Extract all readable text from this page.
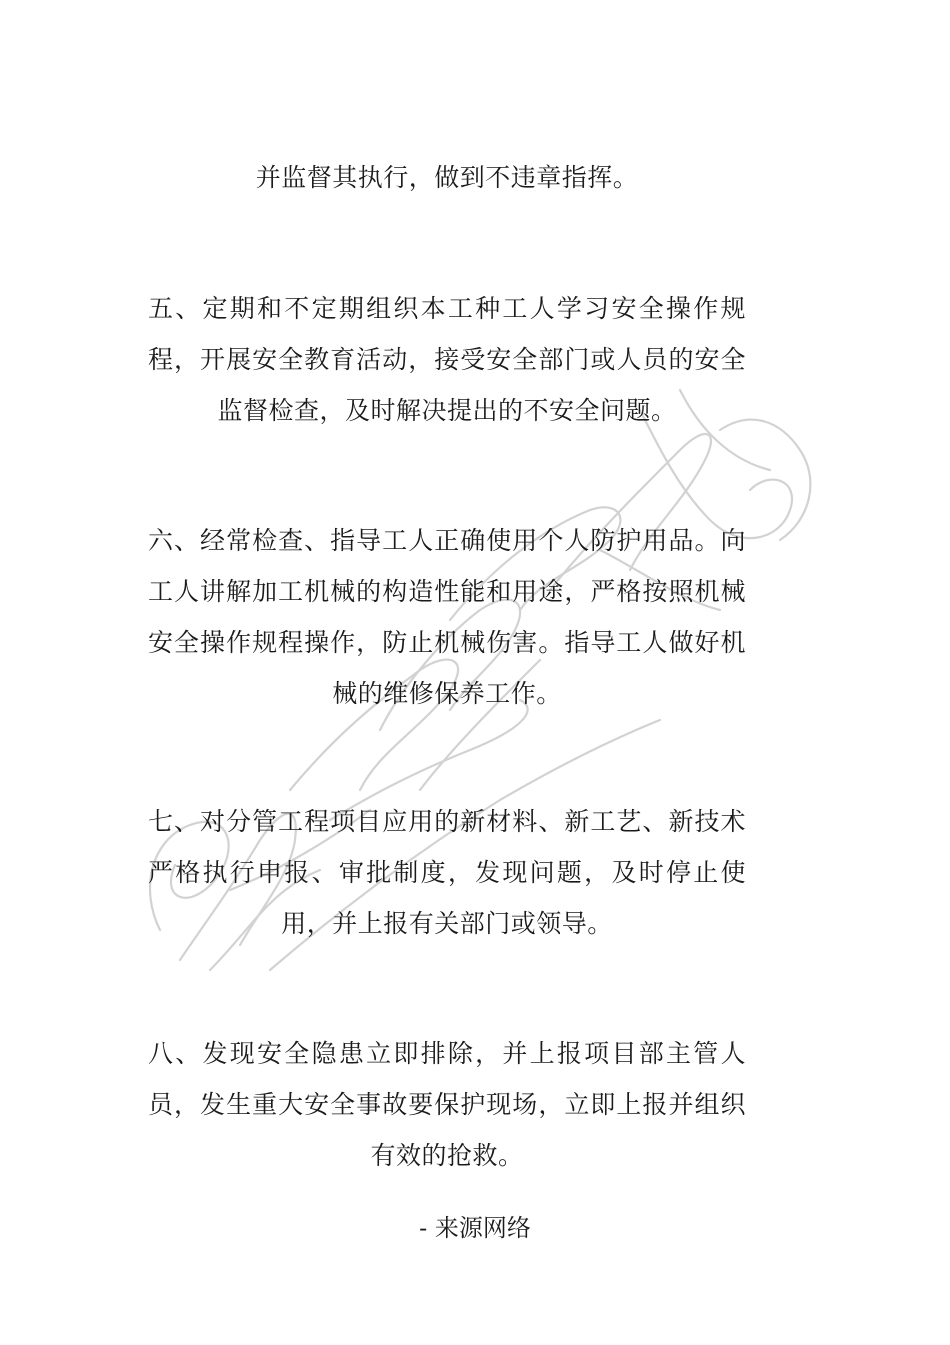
并监督其执行，做到不违章指挥。

五、定期和不定期组织本工种工人学习安全操作规程，开展安全教育活动，接受安全部门或人员的安全监督检查，及时解决提出的不安全问题。

六、经常检查、指导工人正确使用个人防护用品。向工人讲解加工机械的构造性能和用途，严格按照机械安全操作规程操作，防止机械伤害。指导工人做好机械的维修保养工作。

七、对分管工程项目应用的新材料、新工艺、新技术严格执行申报、审批制度，发现问题，及时停止使用，并上报有关部门或领导。

八、发现安全隐患立即排除，并上报项目部主管人员，发生重大安全事故要保护现场，立即上报并组织有效的抢救。

- 来源网络
